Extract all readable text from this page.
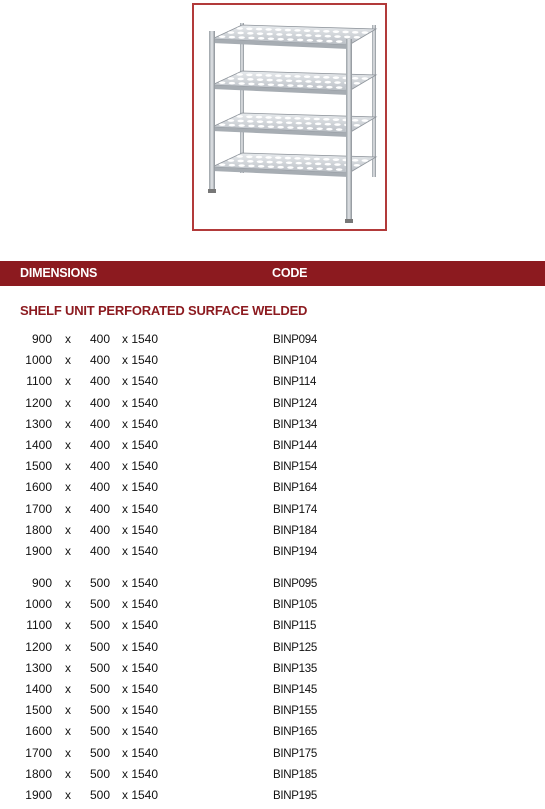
DIMENSIONS	CODE
SHELF UNIT PERFORATED SURFACE WELDED
900 x 400 x 1540	BINP094
1000 x 400 x 1540	BINP104
1100 x 400 x 1540	BINP114
1200 x 400 x 1540	BINP124
1300 x 400 x 1540	BINP134
1400 x 400 x 1540	BINP144
1500 x 400 x 1540	BINP154
1600 x 400 x 1540	BINP164
1700 x 400 x 1540	BINP174
1800 x 400 x 1540	BINP184
1900 x 400 x 1540	BINP194
900 x 500 x 1540	BINP095
1000 x 500 x 1540	BINP105
1100 x 500 x 1540	BINP115
1200 x 500 x 1540	BINP125
1300 x 500 x 1540	BINP135
1400 x 500 x 1540	BINP145
1500 x 500 x 1540	BINP155
1600 x 500 x 1540	BINP165
1700 x 500 x 1540	BINP175
1800 x 500 x 1540	BINP185
1900 x 500 x 1540	BINP195
